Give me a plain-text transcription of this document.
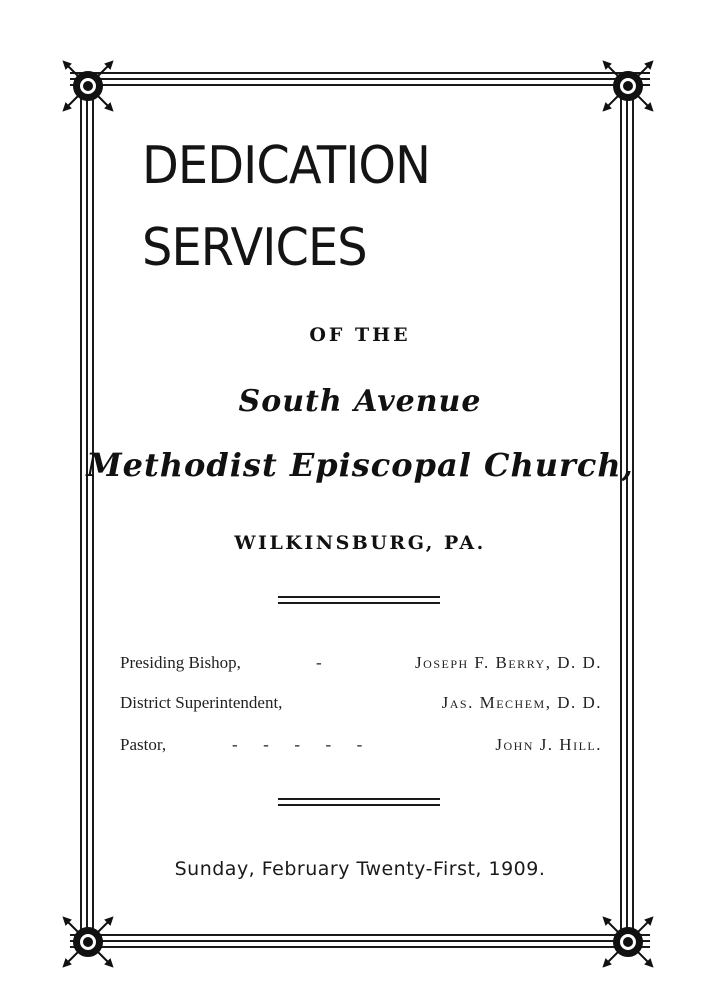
DEDICATION
SERVICES
OF THE
South Avenue
Methodist Episcopal Church,
WILKINSBURG, PA.
Presiding Bishop,	-	Joseph F. Berry, D. D.
District Superintendent,	Jas. Mechem, D. D.
Pastor,	-      -      -      -      -	John J. Hill.
Sunday, February Twenty-First, 1909.
